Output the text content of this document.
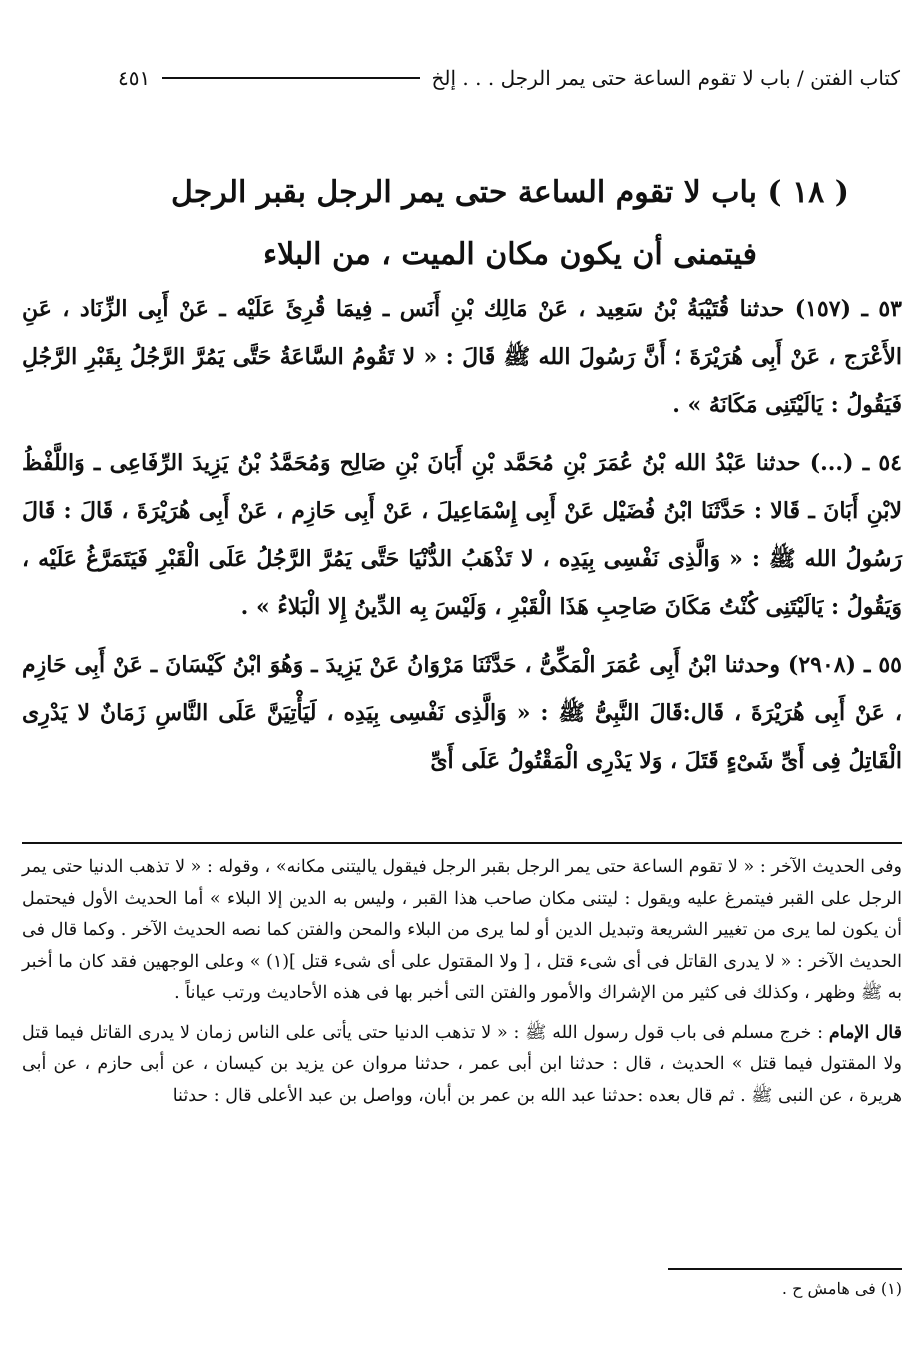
كتاب الفتن / باب لا تقوم الساعة حتى يمر الرجل . . . إلخ
٤٥١
( ١٨ ) باب لا تقوم الساعة حتى يمر الرجل بقبر الرجل
فيتمنى أن يكون مكان الميت ، من البلاء

٥٣ ـ (١٥٧) حدثنا قُتَيْبَةُ بْنُ سَعِيد ، عَنْ مَالِك بْنِ أَنَس ـ فِيمَا قُرِئَ عَلَيْه ـ عَنْ أَبِى الزِّنَاد ، عَنِ الأَعْرَج ، عَنْ أَبِى هُرَيْرَةَ ؛ أَنَّ رَسُولَ الله ﷺ قَالَ : « لا تَقُومُ السَّاعَةُ حَتَّى يَمُرَّ الرَّجُلُ بِقَبْرِ الرَّجُلِ فَيَقُولُ : يَالَيْتَنِى مَكَانَهُ » .

٥٤ ـ (...) حدثنا عَبْدُ الله بْنُ عُمَرَ بْنِ مُحَمَّد بْنِ أَبَانَ بْنِ صَالِح وَمُحَمَّدُ بْنُ يَزِيدَ الرِّفَاعِى ـ وَاللَّفْظُ لابْنِ أَبَانَ ـ قَالا : حَدَّثَنَا ابْنُ فُضَيْل عَنْ أَبِى إِسْمَاعِيلَ ، عَنْ أَبِى حَازِم ، عَنْ أَبِى هُرَيْرَةَ ، قَالَ : قَالَ رَسُولُ الله ﷺ : « وَالَّذِى نَفْسِى بِيَدِه ، لا تَذْهَبُ الدُّنْيَا حَتَّى يَمُرَّ الرَّجُلُ عَلَى الْقَبْرِ فَيَتَمَرَّغُ عَلَيْه ، وَيَقُولُ : يَالَيْتَنِى كُنْتُ مَكَانَ صَاحِبِ هَذَا الْقَبْرِ ، وَلَيْسَ بِه الدِّينُ إِلا الْبَلاءُ » .

٥٥ ـ (٢٩٠٨) وحدثنا ابْنُ أَبِى عُمَرَ الْمَكِّىُّ ، حَدَّثَنَا مَرْوَانُ عَنْ يَزِيدَ ـ وَهُوَ ابْنُ كَيْسَانَ ـ عَنْ أَبِى حَازِم ، عَنْ أَبِى هُرَيْرَةَ ، قَال:قَالَ النَّبِىُّ ﷺ : « وَالَّذِى نَفْسِى بِيَدِه ، لَيَأْتِيَنَّ عَلَى النَّاسِ زَمَانٌ لا يَدْرِى الْقَاتِلُ فِى أَىِّ شَىْءٍ قَتَلَ ، وَلا يَدْرِى الْمَقْتُولُ عَلَى أَىِّ

وفى الحديث الآخر : « لا تقوم الساعة حتى يمر الرجل بقبر الرجل فيقول ياليتنى مكانه» ، وقوله : « لا تذهب الدنيا حتى يمر الرجل على القبر فيتمرغ عليه ويقول : ليتنى مكان صاحب هذا القبر ، وليس به الدين إلا البلاء » أما الحديث الأول فيحتمل أن يكون لما يرى من تغيير الشريعة وتبديل الدين أو لما يرى من البلاء والمحن والفتن كما نصه الحديث الآخر . وكما قال فى الحديث الآخر : « لا يدرى القاتل فى أى شىء قتل ، [ ولا المقتول على أى شىء قتل ](١) » وعلى الوجهين فقد كان ما أخبر به ﷺ وظهر ، وكذلك فى كثير من الإشراك والأمور والفتن التى أخبر بها فى هذه الأحاديث ورتب عياناً .

قال الإمام : خرج مسلم فى باب قول رسول الله ﷺ : « لا تذهب الدنيا حتى يأتى على الناس زمان لا يدرى القاتل فيما قتل ولا المقتول فيما قتل » الحديث ، قال : حدثنا ابن أبى عمر ، حدثنا مروان عن يزيد بن كيسان ، عن أبى حازم ، عن أبى هريرة ، عن النبى ﷺ . ثم قال بعده :حدثنا عبد الله بن عمر بن أبان، وواصل بن عبد الأعلى قال : حدثنا

(١) فى هامش ح .
